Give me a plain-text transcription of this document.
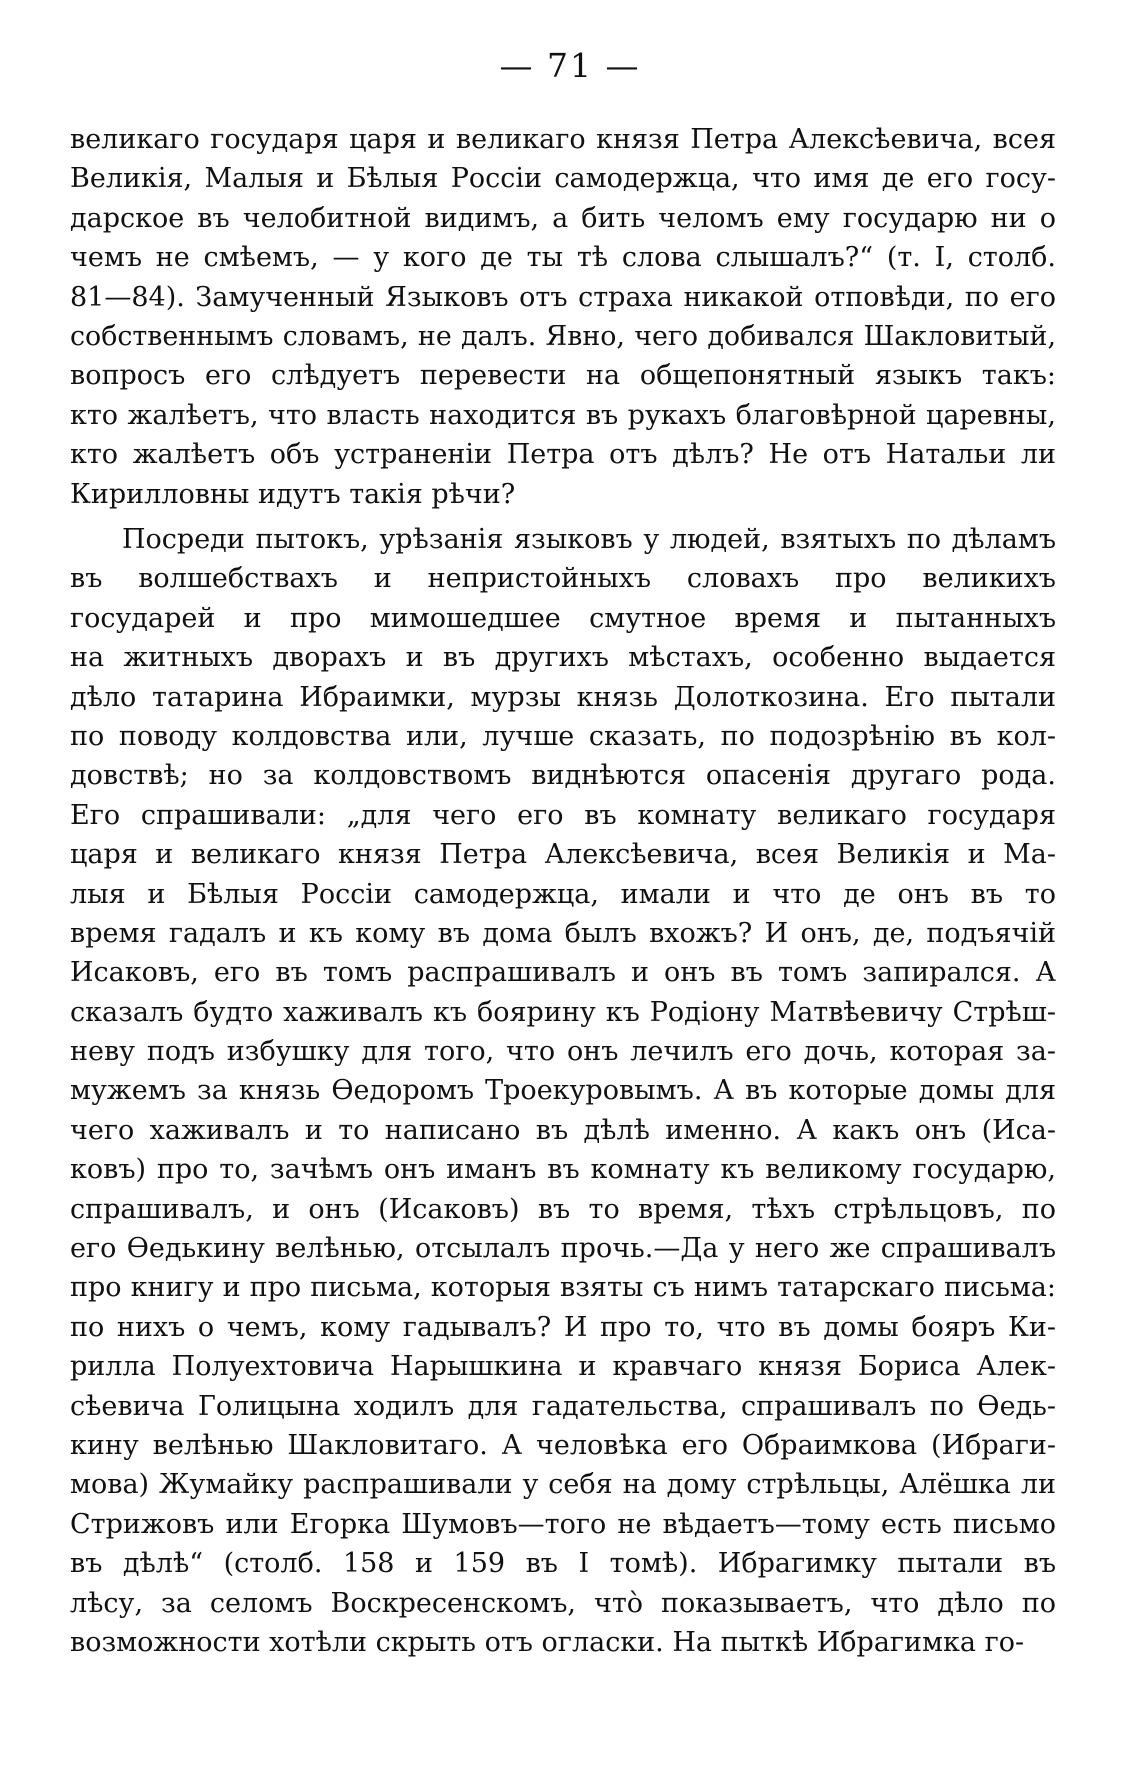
— 71 —
великаго государя царя и великаго князя Петра Алексѣевича, всея
Великія, Малыя и Бѣлыя Россіи самодержца, что имя де его госу-
дарское въ челобитной видимъ, а бить челомъ ему государю ни о
чемъ не смѣемъ, — у кого де ты тѣ слова слышалъ?“ (т. I, столб.
81—84). Замученный Языковъ отъ страха никакой отповѣди, по его
собственнымъ словамъ, не далъ. Явно, чего добивался Шакловитый,
вопросъ его слѣдуетъ перевести на общепонятный языкъ такъ:
кто жалѣетъ, что власть находится въ рукахъ благовѣрной царевны,
кто жалѣетъ объ устраненіи Петра отъ дѣлъ? Не отъ Натальи ли
Кирилловны идутъ такія рѣчи?
Посреди пытокъ, урѣзанія языковъ у людей, взятыхъ по дѣламъ
въ волшебствахъ и непристойныхъ словахъ про великихъ
государей и про мимошедшее смутное время и пытанныхъ
на житныхъ дворахъ и въ другихъ мѣстахъ, особенно выдается
дѣло татарина Ибраимки, мурзы князь Долоткозина. Его пытали
по поводу колдовства или, лучше сказать, по подозрѣнію въ кол-
довствѣ; но за колдовствомъ виднѣются опасенія другаго рода.
Его спрашивали: „для чего его въ комнату великаго государя
царя и великаго князя Петра Алексѣевича, всея Великія и Ма-
лыя и Бѣлыя Россіи самодержца, имали и что де онъ въ то
время гадалъ и къ кому въ дома былъ вхожъ? И онъ, де, подъячій
Исаковъ, его въ томъ распрашивалъ и онъ въ томъ запирался. А
сказалъ будто хаживалъ къ боярину къ Родіону Матвѣевичу Стрѣш-
неву подъ избушку для того, что онъ лечилъ его дочь, которая за-
мужемъ за князь Ѳедоромъ Троекуровымъ. А въ которые домы для
чего хаживалъ и то написано въ дѣлѣ именно. А какъ онъ (Иса-
ковъ) про то, зачѣмъ онъ иманъ въ комнату къ великому государю,
спрашивалъ, и онъ (Исаковъ) въ то время, тѣхъ стрѣльцовъ, по
его Ѳедькину велѣнью, отсылалъ прочь.—Да у него же спрашивалъ
про книгу и про письма, которыя взяты съ нимъ татарскаго письма:
по нихъ о чемъ, кому гадывалъ? И про то, что въ домы бояръ Ки-
рилла Полуехтовича Нарышкина и кравчаго князя Бориса Алек-
сѣевича Голицына ходилъ для гадательства, спрашивалъ по Ѳедь-
кину велѣнью Шакловитаго. А человѣка его Обраимкова (Ибраги-
мова) Жумайку распрашивали у себя на дому стрѣльцы, Алёшка ли
Стрижовъ или Егорка Шумовъ—того не вѣдаетъ—тому есть письмо
въ дѣлѣ“ (столб. 158 и 159 въ I томѣ). Ибрагимку пытали въ
лѣсу, за селомъ Воскресенскомъ, что̀ показываетъ, что дѣло по
возможности хотѣли скрыть отъ огласки. На пыткѣ Ибрагимка го-
